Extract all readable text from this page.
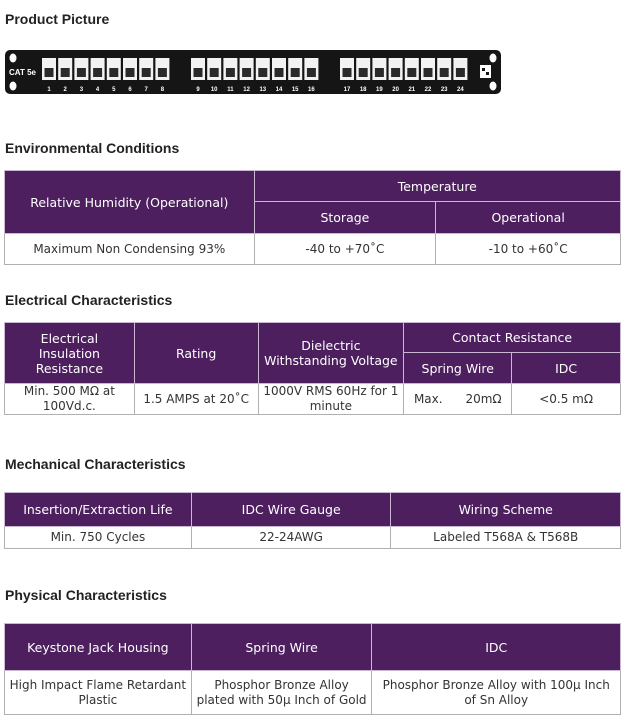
Product Picture
CAT 5e
1 2 3 4 5 6 7 8	9 10 11 12 13 14 15 16	17 18 19 20 21 22 23 24
Environmental Conditions
Relative Humidity (Operational)	Temperature	
	Storage	Operational
Maximum Non Condensing 93%	-40 to +70˚C	-10 to +60˚C
Electrical Characteristics
Electrical Insulation Resistance	Rating	Dielectric Withstanding Voltage	Contact Resistance	
			Spring Wire	IDC
Min. 500 MΩ at 100Vd.c.	1.5 AMPS at 20˚C	1000V RMS 60Hz for 1 minute	Max.      20mΩ	<0.5 mΩ
Mechanical Characteristics
Insertion/Extraction Life	IDC Wire Gauge	Wiring Scheme
Min. 750 Cycles	22-24AWG	Labeled T568A & T568B
Physical Characteristics
Keystone Jack Housing	Spring Wire	IDC
High Impact Flame Retardant Plastic	Phosphor Bronze Alloy plated with 50μ Inch of Gold	Phosphor Bronze Alloy with 100μ Inch of Sn Alloy
